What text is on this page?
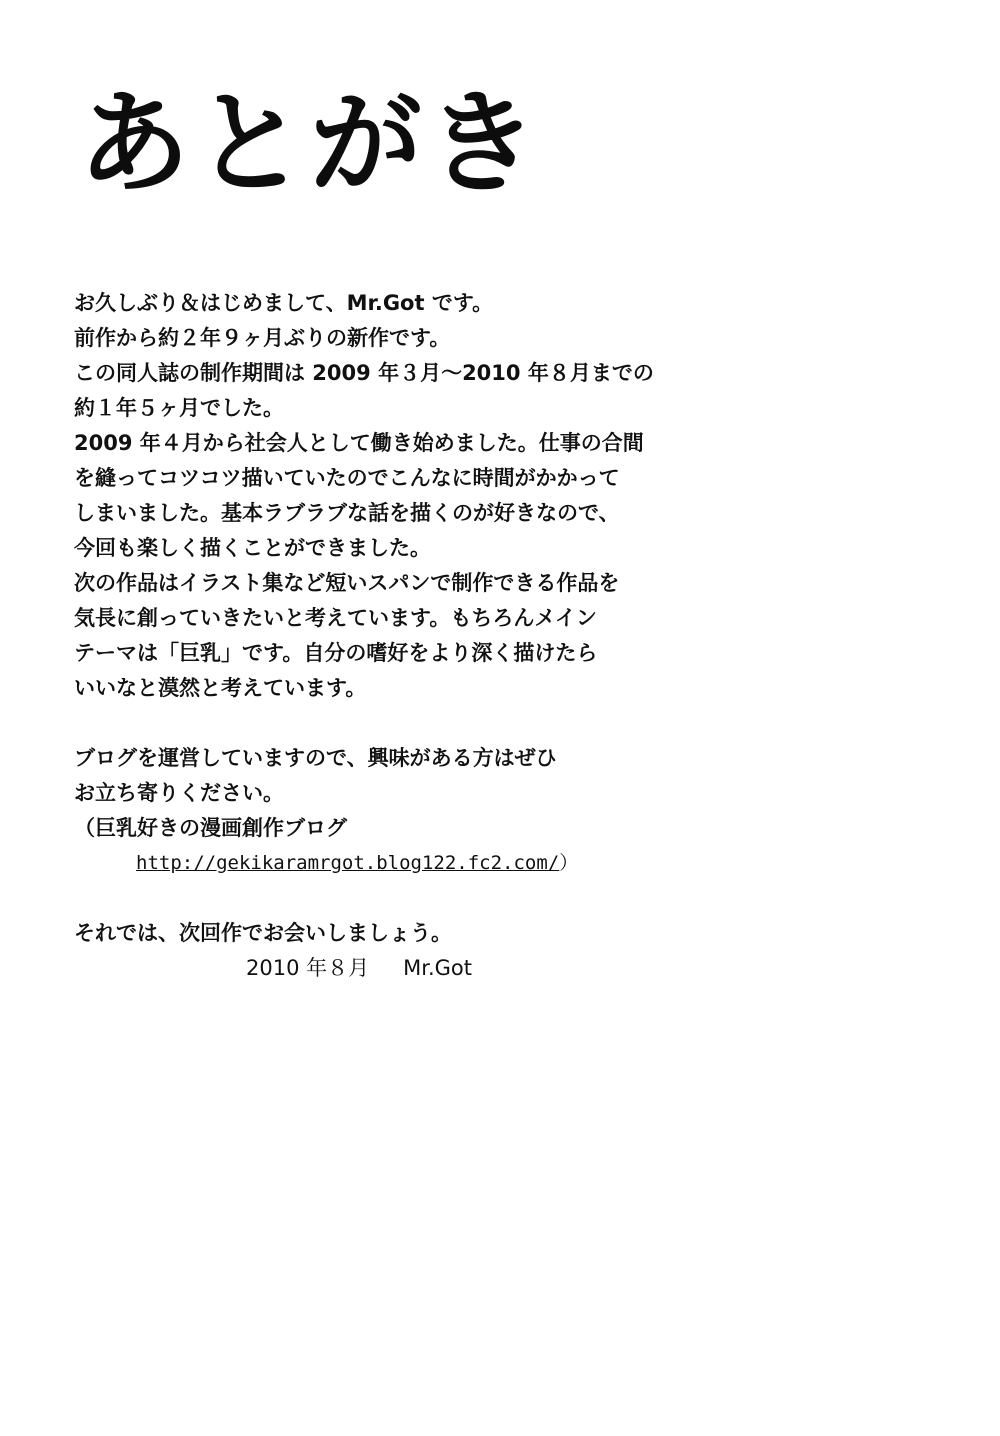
あとがき
お久しぶり＆はじめまして、Mr.Got です。
前作から約２年９ヶ月ぶりの新作です。
この同人誌の制作期間は 2009 年３月～2010 年８月までの
約１年５ヶ月でした。
2009 年４月から社会人として働き始めました。仕事の合間
を縫ってコツコツ描いていたのでこんなに時間がかかって
しまいました。基本ラブラブな話を描くのが好きなので、
今回も楽しく描くことができました。
次の作品はイラスト集など短いスパンで制作できる作品を
気長に創っていきたいと考えています。もちろんメイン
テーマは「巨乳」です。自分の嗜好をより深く描けたら
いいなと漠然と考えています。
ブログを運営していますので、興味がある方はぜひ
お立ち寄りください。
（巨乳好きの漫画創作ブログ
http://gekikaramrgot.blog122.fc2.com/）
それでは、次回作でお会いしましょう。
2010 年８月 Mr.Got
